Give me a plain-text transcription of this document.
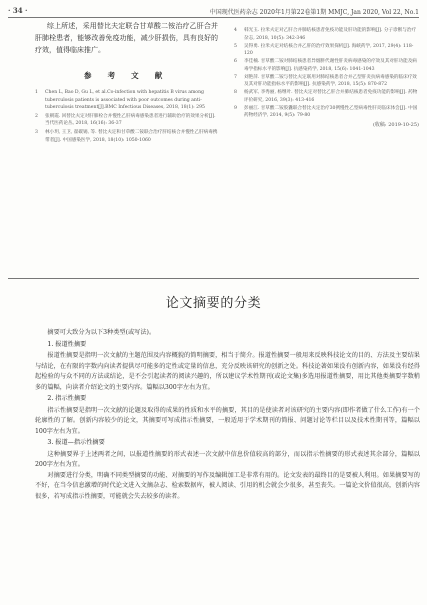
· 34 ·	中国现代医药杂志 2020年1月第22卷第1期 MMJC, Jan 2020, Vol 22, No.1

综上所述，采用替比夫定联合甘草酸二铵治疗乙肝合并肝肺栓患者，能够改善免疫功能，减少肝损伤，具有良好的疗效，值得临床推广。

参 考 文 献
1	Chen L, Bao D, Gu L, et al.Co-infection with hepatitis B virus among tuberculosis patients is associated with poor outcomes during anti-tuberculosis treatment[J].BMC Infectious Diseases, 2018, 18(1): 295
2	张朝霞. 回替比夫定对肝肺栓合并慢性乙肝病毒感染患者进行辅助治疗的效果分析[J]. 当代医药论丛, 2018, 16(16): 36-37
3	林小玥, 王卫, 翟碳锡, 等. 替比夫定和甘草酸二铵联合治疗肝结核合并慢性乙肝病毒携带者[J]. 中国感染医学, 2018, 18(10): 1050-1060
4	韩光玉. 拉米夫定对乙肝合并肺结核患者免疫功能及肝功能的影响[J]. 分子诊断与治疗杂志, 2018, 10(5): 342-346
5	吴得勇. 拉米夫定对结核合并乙肝的治疗效果探析[J]. 海峡药学, 2017, 29(4): 118-120
6	李佳楠. 甘草酸二铵对肺结核患者异烟肼代谢性肝炎病毒感染的疗效及其对肝功能及病毒学指标水平的影响[J]. 抗感染药学, 2018, 15(6): 1041-1043
7	刘艳萍. 甘草酸二铵与替比夫定联用对肺结核患者合并乙型肝炎抗病毒感染的临床疗效及其对肝功能指标水平的影响[J]. 抗感染药学, 2018, 15(5): 870-872
8	杨武军, 李秀丽, 杨继叶. 替比夫定对替比乙肝合并肺结核患者免疫功能的影响[J]. 药物评价研究, 2016, 39(3): 413-416
9	彭丽江. 甘草酸二铵胶囊联合替比夫定治疗30例慢性乙型病毒性肝炎临床体会[J]. 中国药物经济学, 2014, 9(5): 79-80
(收稿: 2019-10-25)
论文摘要的分类

摘要可大致分为以下3种类型(或写法)。

1. 报道性摘要

报道性摘要是指明一次文献的主题范围及内容概貌的简明摘要，相当于简介。报道性摘要一般用来反映科技论文的目的、方法及主要结果与结论，在有限的字数内向读者提供尽可能多的定性或定量的信息，充分反映该研究的创新之处。科技论著如果没有创新内容，如果没有经得起检验的与众不同的方法或结论，是不会引起读者的阅读兴趣的，所以建议学术性期刊(或论文集)多选用报道性摘要，用比其他类摘要字数稍多的篇幅，向读者介绍论文的主要内容。篇幅以300字左右为宜。

2. 指示性摘要

指示性摘要是指明一次文献的论题及取得的成果的性质和水平的摘要，其目的是使读者对该研究的主要内容(即作者做了什么工作)有一个轮廓性的了解。创新内容较少的论文，其摘要可写成指示性摘要，一般适用于学术期刊的简报、问题讨论等栏目以及技术性期刊等，篇幅以100字左右为宜。

3. 报道—指示性摘要

这种摘要界于上述两者之间，以报道性摘要的形式表述一次文献中信息价值较高的部分，而以指示性摘要的形式表述其余部分，篇幅以200字左右为宜。

对摘要进行分类，明确不同类型摘要的功能、对摘要的写作及编辑加工是非常有用的。论文发表的最终目的是要被人利用。如果摘要写的不好，在当今信息激增的时代论文进入文摘杂志、检索数据库，被人阅读、引用的机会就会少很多，甚至丧失。一篇论文价值很高，创新内容很多，若写成指示性摘要，可能就会失去较多的读者。
